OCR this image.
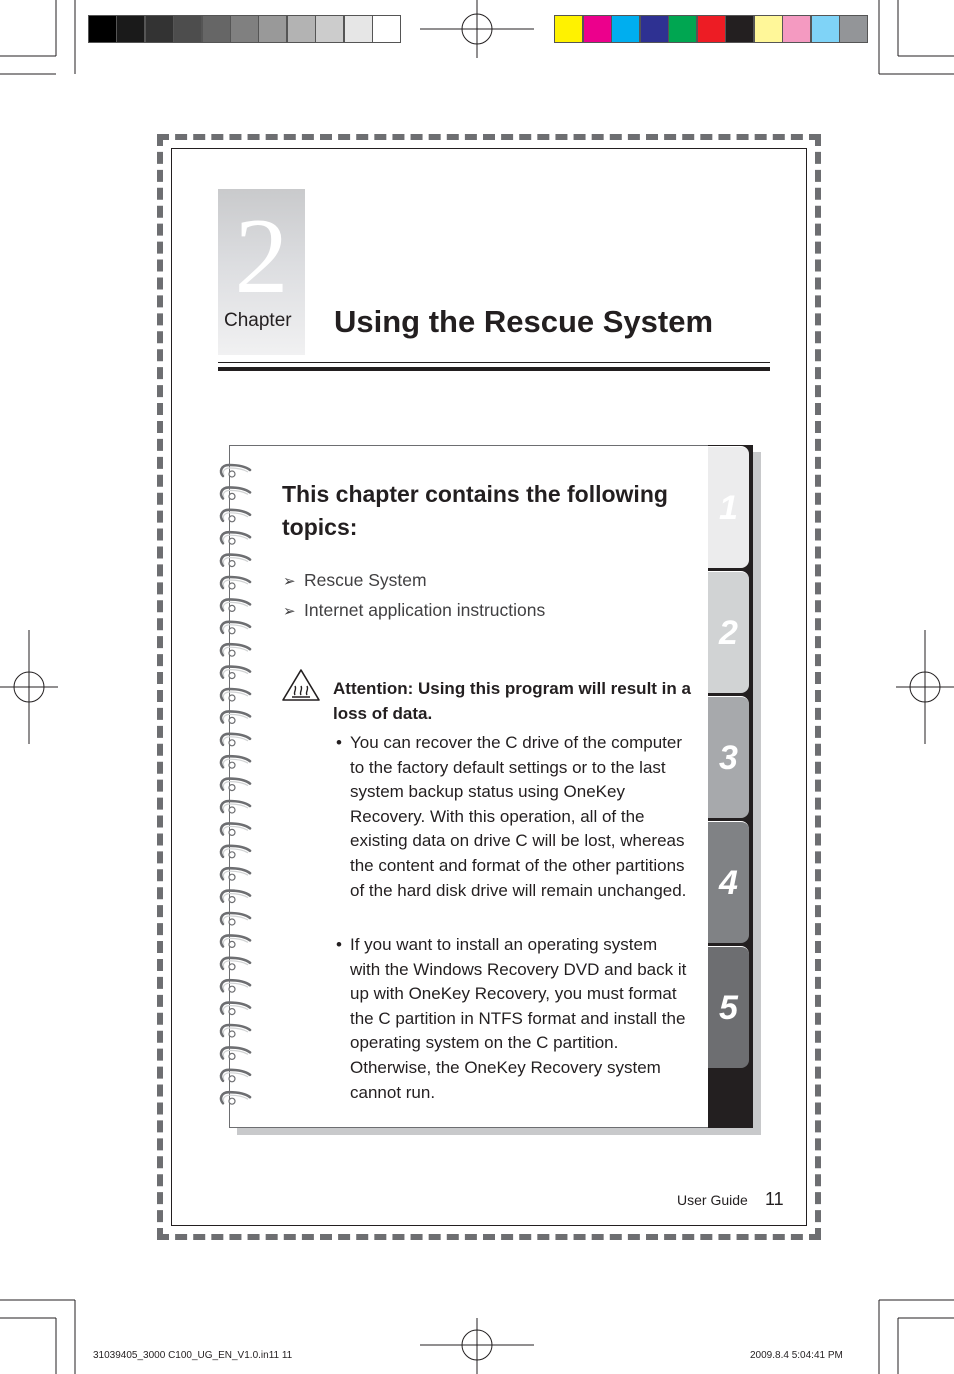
2
Chapter Using the Rescue System
1
2
3
4
5
This chapter contains the following topics:
➢ Rescue System
➢ Internet application instructions
Attention: Using this program will result in a loss of data.
• You can recover the C drive of the computer to the factory default settings or to the last system backup status using OneKey Recovery. With this operation, all of the existing data on drive C will be lost, whereas the content and format of the other partitions of the hard disk drive will remain unchanged.
• If you want to install an operating system with the Windows Recovery DVD and back it up with OneKey Recovery, you must format the C partition in NTFS format and install the operating system on the C partition. Otherwise, the OneKey Recovery system cannot run.
User Guide 11
31039405_3000 C100_UG_EN_V1.0.in11 11	2009.8.4 5:04:41 PM
